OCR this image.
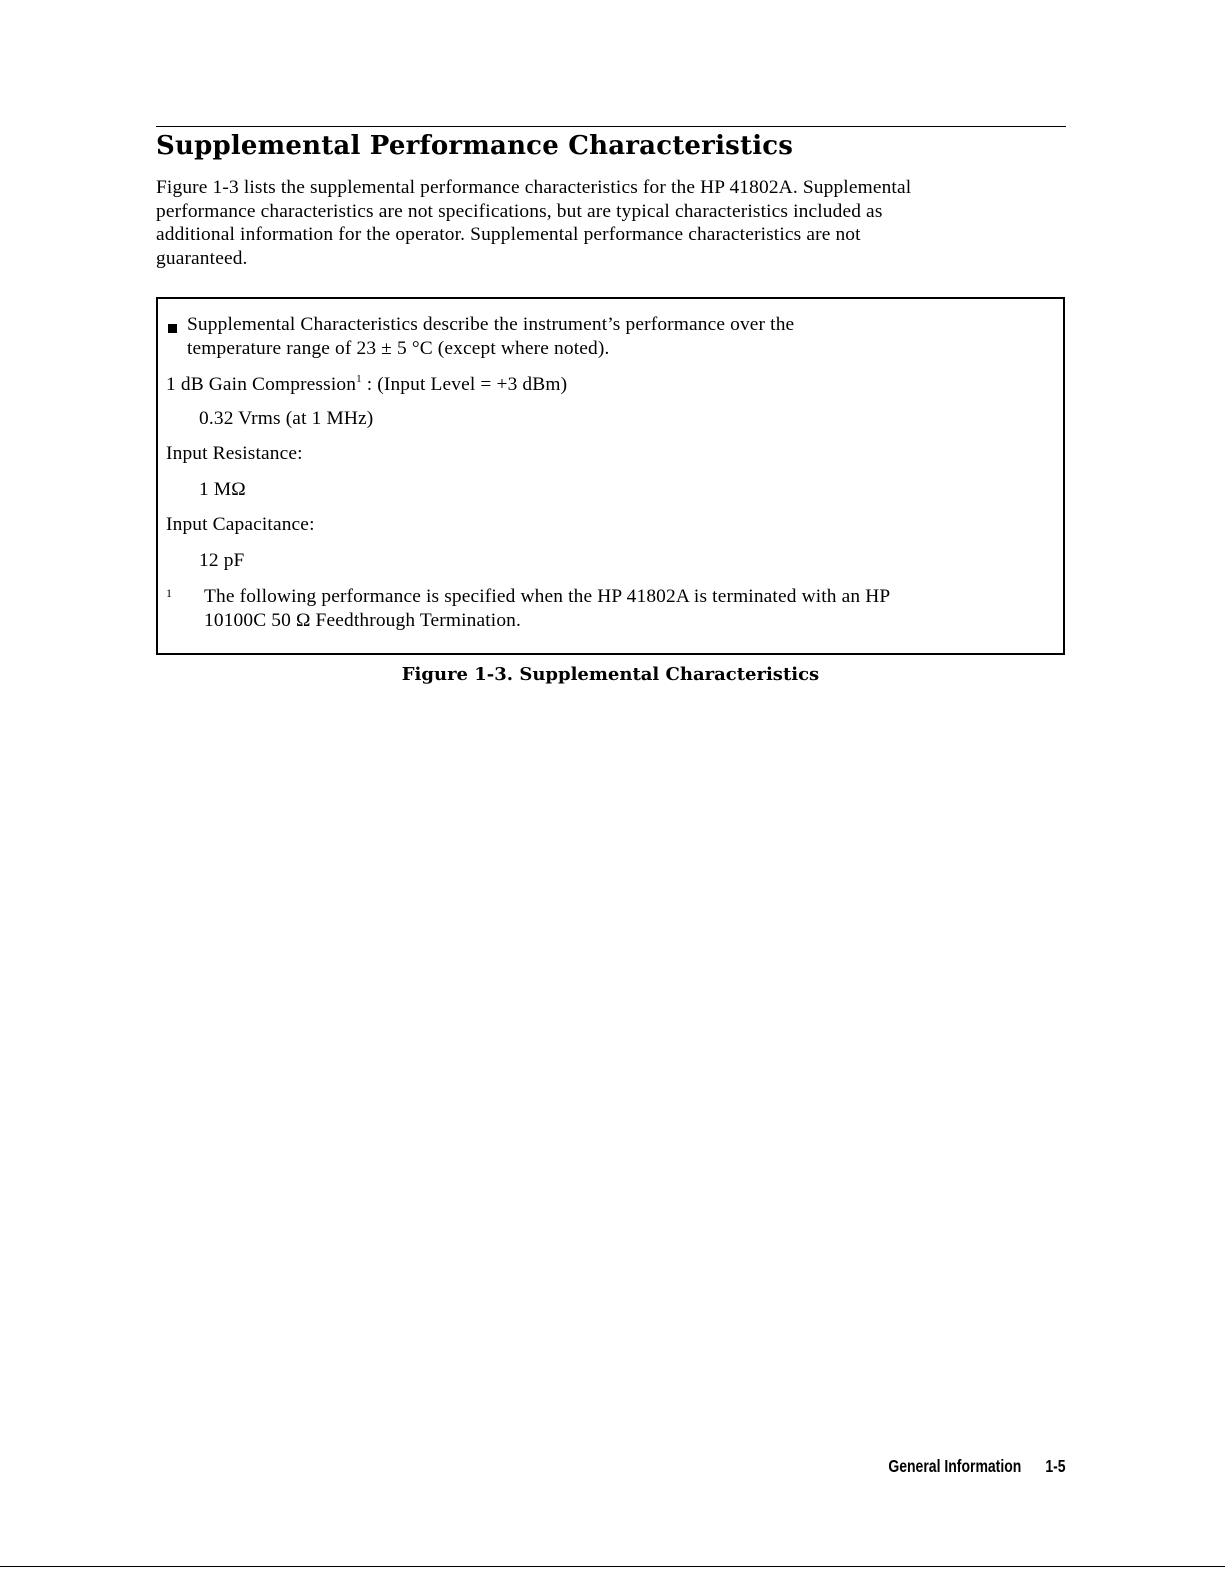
Supplemental Performance Characteristics

Figure 1-3 lists the supplemental performance characteristics for the HP 41802A. Supplemental
performance characteristics are not specifications, but are typical characteristics included as
additional information for the operator. Supplemental performance characteristics are not
guaranteed.

Supplemental Characteristics describe the instrument’s performance over the

temperature range of 23 ± 5 °C (except where noted).

1 dB Gain Compression$^1$ : (Input Level = +3 dBm)

0.32 Vrms (at 1 MHz)

Input Resistance:

1 MΩ

Input Capacitance:

12 pF

1 The following performance is specified when the HP 41802A is terminated with an HP

10100C 50 Ω Feedthrough Termination.

Figure 1-3. Supplemental Characteristics
General Information 1-5
